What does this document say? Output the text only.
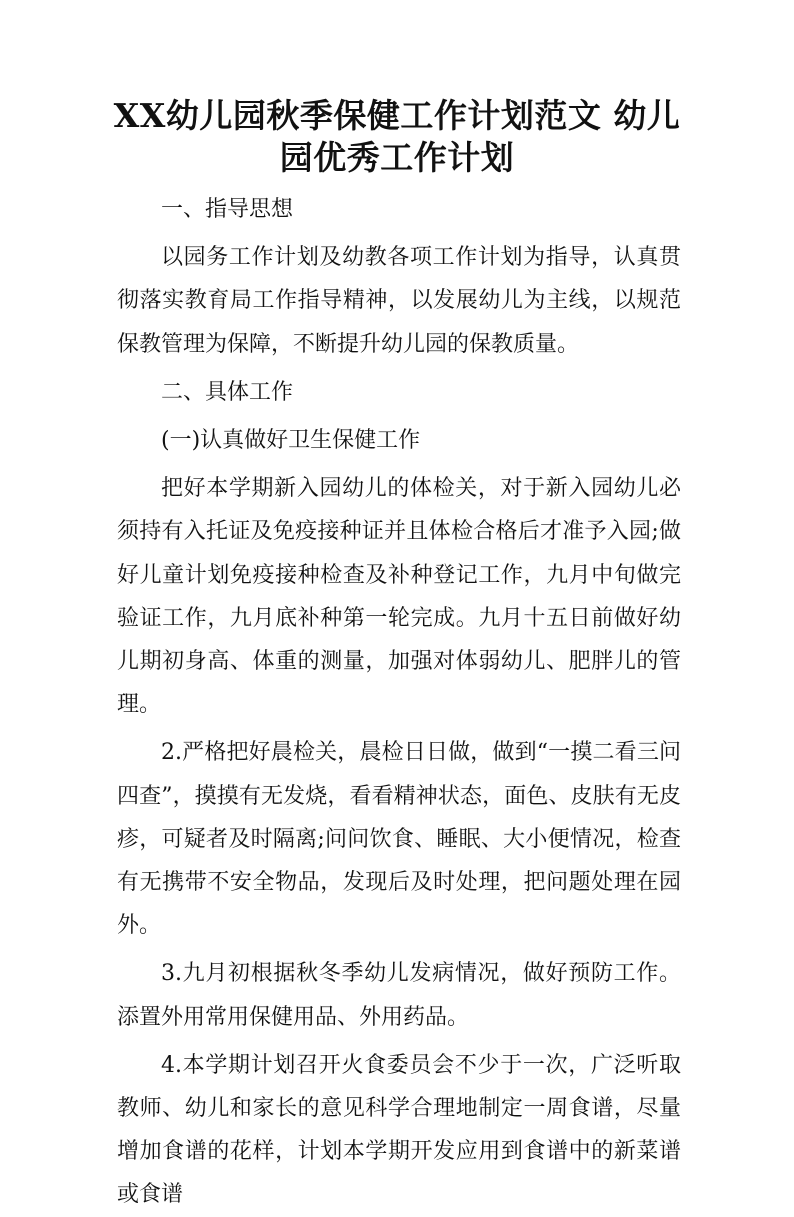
XX幼儿园秋季保健工作计划范文 幼儿
园优秀工作计划

一、指导思想

以园务工作计划及幼教各项工作计划为指导，认真贯彻落实教育局工作指导精神，以发展幼儿为主线，以规范保教管理为保障，不断提升幼儿园的保教质量。

二、具体工作

(一)认真做好卫生保健工作

把好本学期新入园幼儿的体检关，对于新入园幼儿必须持有入托证及免疫接种证并且体检合格后才准予入园;做好儿童计划免疫接种检查及补种登记工作，九月中旬做完验证工作，九月底补种第一轮完成。九月十五日前做好幼儿期初身高、体重的测量，加强对体弱幼儿、肥胖儿的管理。

2.严格把好晨检关，晨检日日做，做到“一摸二看三问四查”，摸摸有无发烧，看看精神状态，面色、皮肤有无皮疹，可疑者及时隔离;问问饮食、睡眠、大小便情况，检查有无携带不安全物品，发现后及时处理，把问题处理在园外。

3.九月初根据秋冬季幼儿发病情况，做好预防工作。添置外用常用保健用品、外用药品。

4.本学期计划召开火食委员会不少于一次，广泛听取教师、幼儿和家长的意见科学合理地制定一周食谱，尽量增加食谱的花样，计划本学期开发应用到食谱中的新菜谱或食谱
